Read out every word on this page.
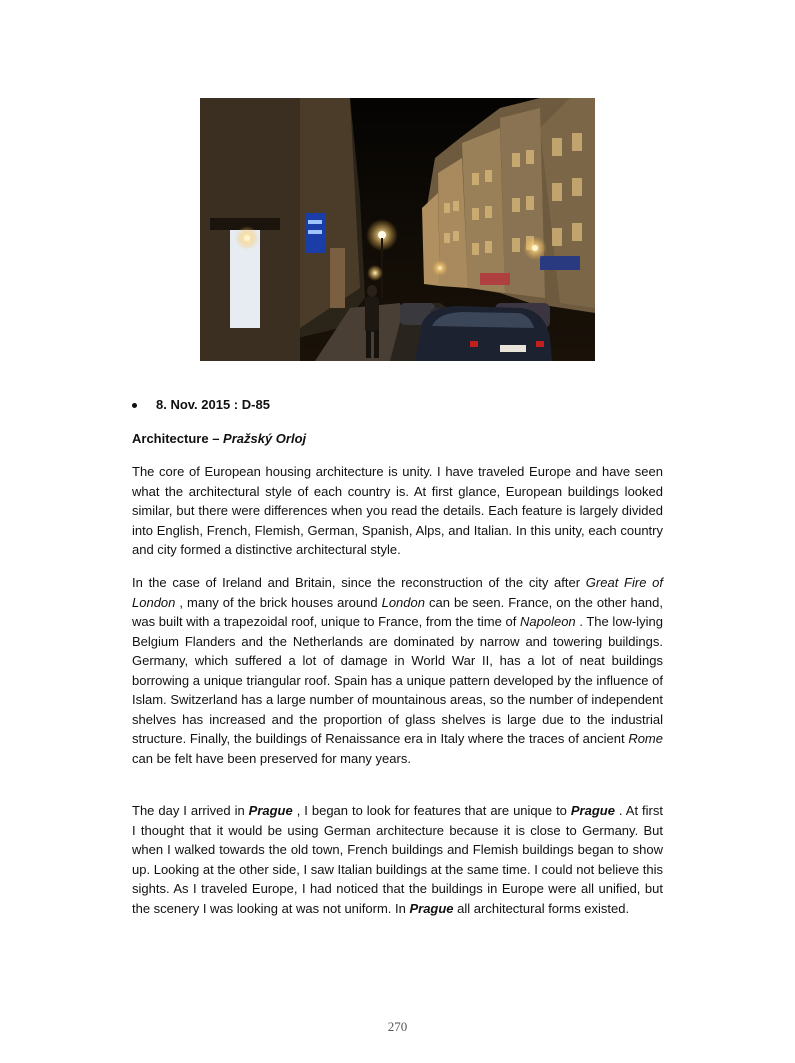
8. Nov. 2015 : D-85
Architecture – Pražský Orloj

The core of European housing architecture is unity. I have traveled Europe and have seen what the architectural style of each country is. At first glance, European buildings looked similar, but there were differences when you read the details. Each feature is largely divided into English, French, Flemish, German, Spanish, Alps, and Italian. In this unity, each country and city formed a distinctive architectural style.

In the case of Ireland and Britain, since the reconstruction of the city after Great Fire of London , many of the brick houses around London can be seen. France, on the other hand, was built with a trapezoidal roof, unique to France, from the time of Napoleon . The low-lying Belgium Flanders and the Netherlands are dominated by narrow and towering buildings. Germany, which suffered a lot of damage in World War II, has a lot of neat buildings borrowing a unique triangular roof. Spain has a unique pattern developed by the influence of Islam. Switzerland has a large number of mountainous areas, so the number of independent shelves has increased and the proportion of glass shelves is large due to the industrial structure. Finally, the buildings of Renaissance era in Italy where the traces of ancient Rome can be felt have been preserved for many years.

The day I arrived in Prague , I began to look for features that are unique to Prague . At first I thought that it would be using German architecture because it is close to Germany. But when I walked towards the old town, French buildings and Flemish buildings began to show up. Looking at the other side, I saw Italian buildings at the same time. I could not believe this sights. As I traveled Europe, I had noticed that the buildings in Europe were all unified, but the scenery I was looking at was not uniform. In Prague all architectural forms existed.

270
